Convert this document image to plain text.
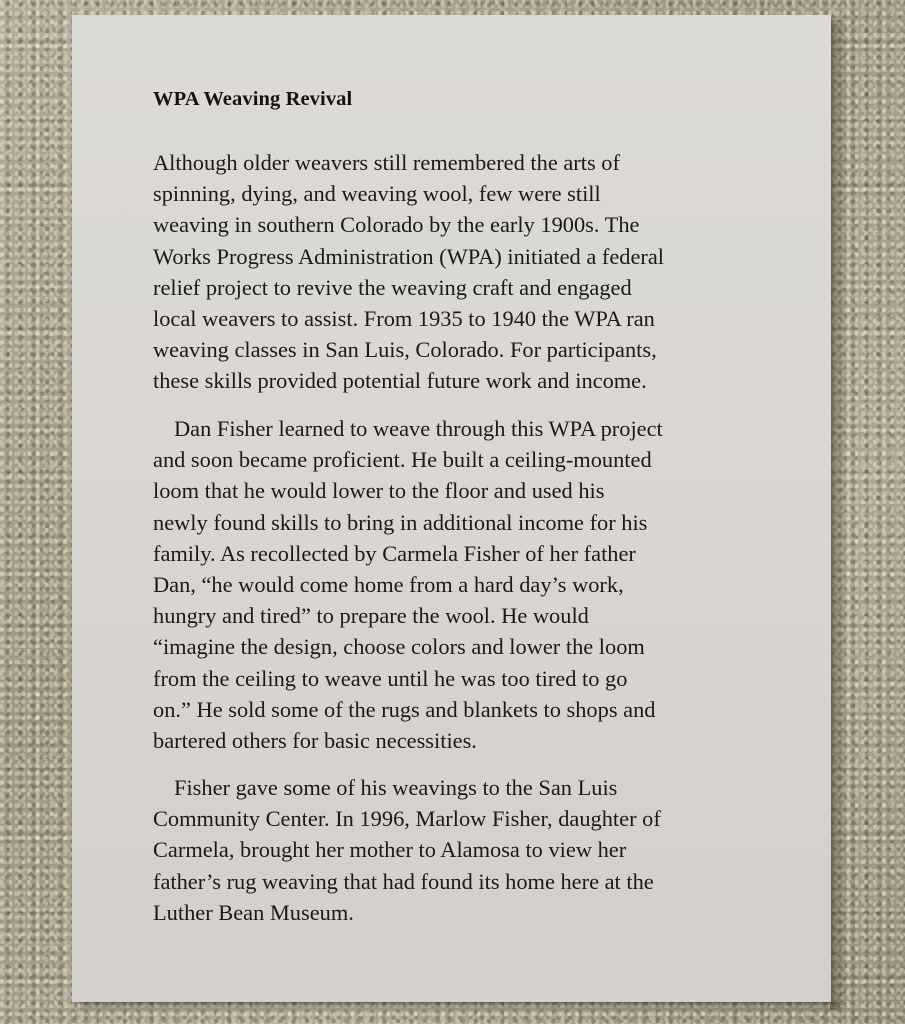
WPA Weaving Revival

Although older weavers still remembered the arts of
spinning, dying, and weaving wool, few were still
weaving in southern Colorado by the early 1900s. The
Works Progress Administration (WPA) initiated a federal
relief project to revive the weaving craft and engaged
local weavers to assist. From 1935 to 1940 the WPA ran
weaving classes in San Luis, Colorado. For participants,
these skills provided potential future work and income.

Dan Fisher learned to weave through this WPA project
and soon became proficient. He built a ceiling-mounted
loom that he would lower to the floor and used his
newly found skills to bring in additional income for his
family. As recollected by Carmela Fisher of her father
Dan, “he would come home from a hard day’s work,
hungry and tired” to prepare the wool. He would
“imagine the design, choose colors and lower the loom
from the ceiling to weave until he was too tired to go
on.” He sold some of the rugs and blankets to shops and
bartered others for basic necessities.

Fisher gave some of his weavings to the San Luis
Community Center. In 1996, Marlow Fisher, daughter of
Carmela, brought her mother to Alamosa to view her
father’s rug weaving that had found its home here at the
Luther Bean Museum.
